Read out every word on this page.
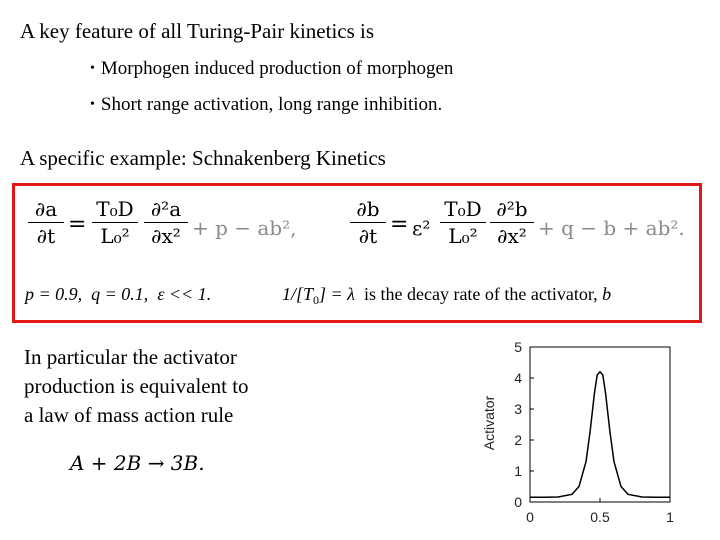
A key feature of all Turing-Pair kinetics is
• Morphogen induced production of morphogen
• Short range activation, long range inhibition.
A specific example: Schnakenberg Kinetics
∂a
∂t =
T₀D
L₀²
∂²a
∂x² + p − ab²,
∂b
∂t = ε²
T₀D
L₀²
∂²b
∂x² + q − b + ab².
p = 0.9, q = 0.1, ε << 1.	$1/[T_0] = \lambda$ is the decay rate of the activator, b
In particular the activator
production is equivalent to
a law of mass action rule
A + 2B → 3B.
Activator
0
1
2
3
4
5
0	0.5	1
